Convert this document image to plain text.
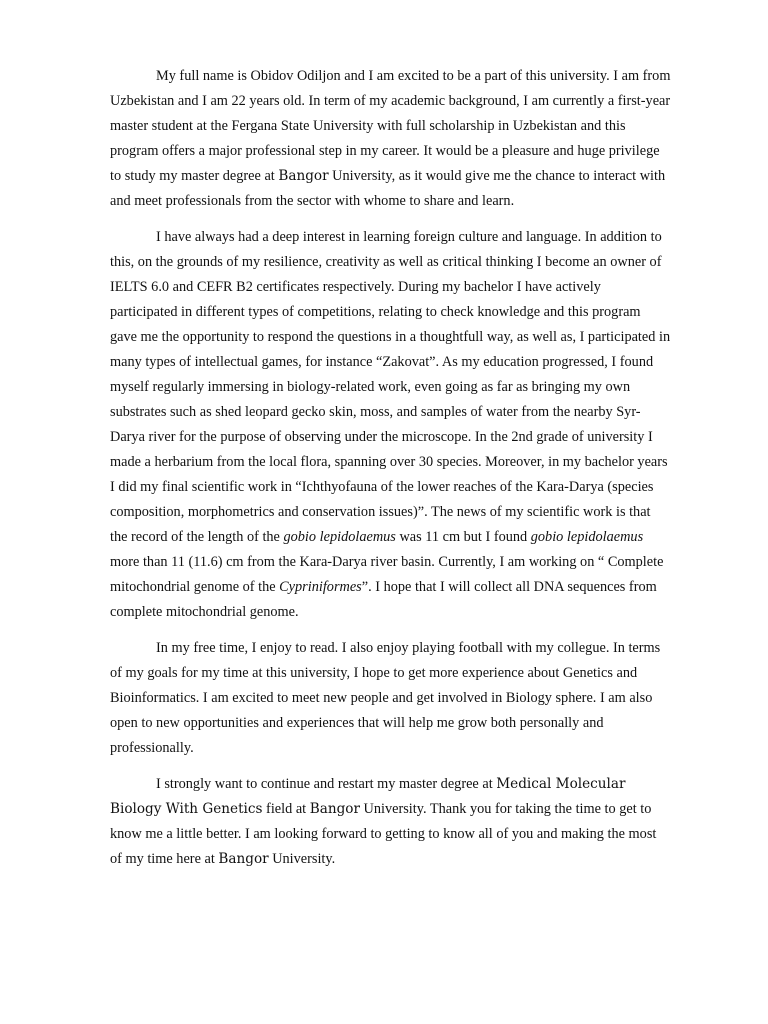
My full name is Obidov Odiljon and I am excited to be a part of this university. I am from Uzbekistan and I am 22 years old. In term of my academic background, I am currently a first-year master student at the Fergana State University with full scholarship in Uzbekistan and this program offers a major professional step in my career. It would be a pleasure and huge privilege to study my master degree at Bangor University, as it would give me the chance to interact with and meet professionals from the sector with whome to share and learn.

I have always had a deep interest in learning foreign culture and language. In addition to this, on the grounds of my resilience, creativity as well as critical thinking I become an owner of IELTS 6.0 and CEFR B2 certificates respectively. During my bachelor I have actively participated in different types of competitions, relating to check knowledge and this program gave me the opportunity to respond the questions in a thoughtfull way, as well as, I participated in many types of intellectual games, for instance “Zakovat”. As my education progressed, I found myself regularly immersing in biology-related work, even going as far as bringing my own substrates such as shed leopard gecko skin, moss, and samples of water from the nearby Syr-Darya river for the purpose of observing under the microscope. In the 2nd grade of university I made a herbarium from the local flora, spanning over 30 species. Moreover, in my bachelor years I did my final scientific work in “Ichthyofauna of the lower reaches of the Kara-Darya (species composition, morphometrics and conservation issues)”. The news of my scientific work is that the record of the length of the gobio lepidolaemus was 11 cm but I found gobio lepidolaemus more than 11 (11.6) cm from the Kara-Darya river basin. Currently, I am working on “ Complete mitochondrial genome of the Cypriniformes”. I hope that I will collect all DNA sequences from complete mitochondrial genome.

In my free time, I enjoy to read. I also enjoy playing football with my collegue. In terms of my goals for my time at this university, I hope to get more experience about Genetics and Bioinformatics. I am excited to meet new people and get involved in Biology sphere. I am also open to new opportunities and experiences that will help me grow both personally and professionally.

I strongly want to continue and restart my master degree at Medical Molecular Biology With Genetics field at Bangor University. Thank you for taking the time to get to know me a little better. I am looking forward to getting to know all of you and making the most of my time here at Bangor University.
